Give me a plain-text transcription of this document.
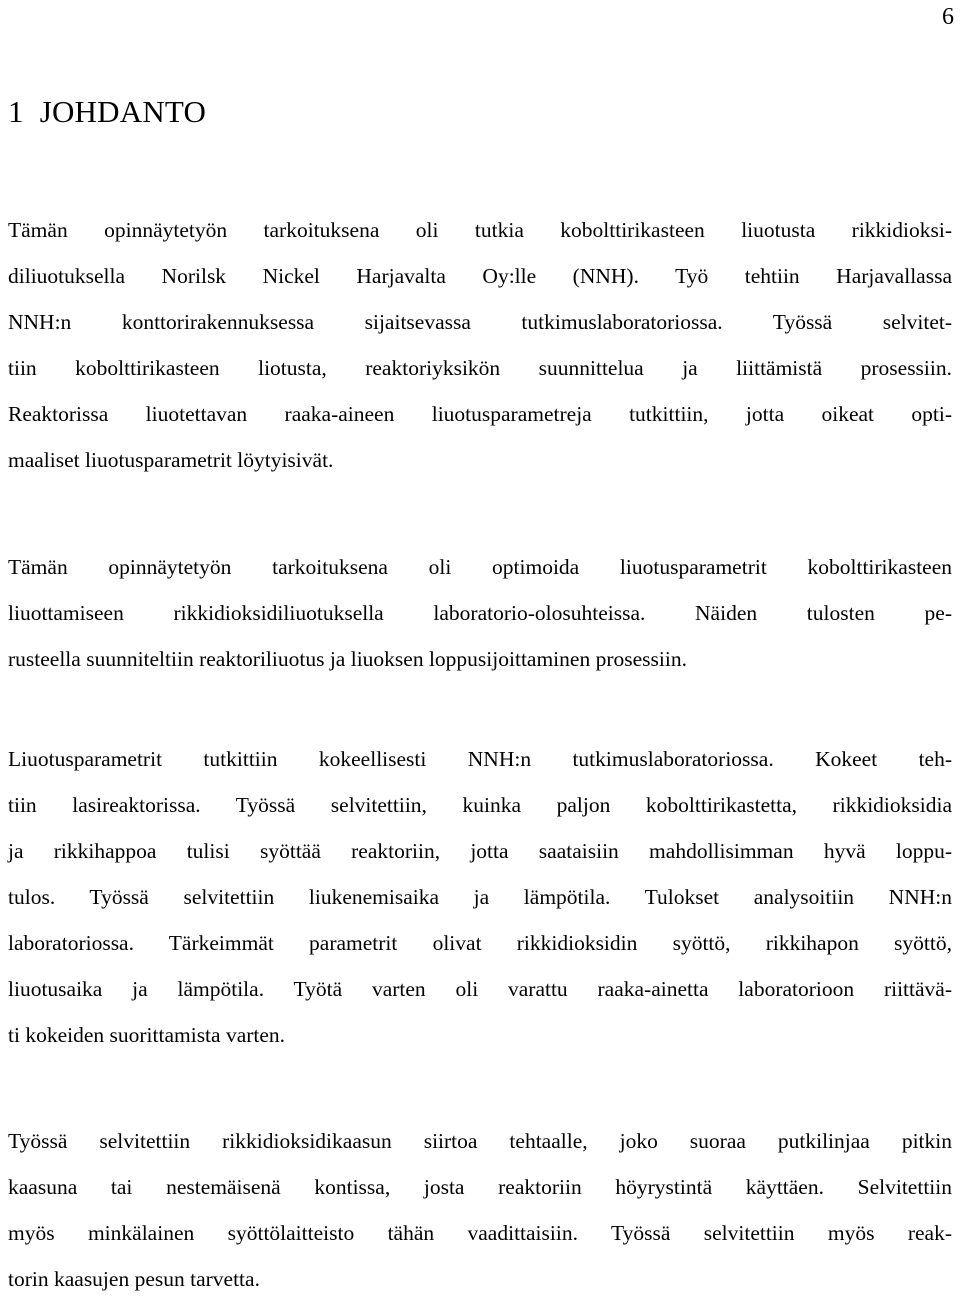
6
1 JOHDANTO
Tämän opinnäytetyön tarkoituksena oli tutkia kobolttirikasteen liuotusta rikkidioksi-
diliuotuksella Norilsk Nickel Harjavalta Oy:lle (NNH). Työ tehtiin Harjavallassa
NNH:n konttorirakennuksessa sijaitsevassa tutkimuslaboratoriossa. Työssä selvitet-
tiin kobolttirikasteen liotusta, reaktoriyksikön suunnittelua ja liittämistä prosessiin.
Reaktorissa liuotettavan raaka-aineen liuotusparametreja tutkittiin, jotta oikeat opti-
maaliset liuotusparametrit löytyisivät.
Tämän opinnäytetyön tarkoituksena oli optimoida liuotusparametrit kobolttirikasteen
liuottamiseen rikkidioksidiliuotuksella laboratorio-olosuhteissa. Näiden tulosten pe-
rusteella suunniteltiin reaktoriliuotus ja liuoksen loppusijoittaminen prosessiin.
Liuotusparametrit tutkittiin kokeellisesti NNH:n tutkimuslaboratoriossa. Kokeet teh-
tiin lasireaktorissa. Työssä selvitettiin, kuinka paljon kobolttirikastetta, rikkidioksidia
ja rikkihappoa tulisi syöttää reaktoriin, jotta saataisiin mahdollisimman hyvä loppu-
tulos. Työssä selvitettiin liukenemisaika ja lämpötila. Tulokset analysoitiin NNH:n
laboratoriossa. Tärkeimmät parametrit olivat rikkidioksidin syöttö, rikkihapon syöttö,
liuotusaika ja lämpötila. Työtä varten oli varattu raaka-ainetta laboratorioon riittävä-
ti kokeiden suorittamista varten.
Työssä selvitettiin rikkidioksidikaasun siirtoa tehtaalle, joko suoraa putkilinjaa pitkin
kaasuna tai nestemäisenä kontissa, josta reaktoriin höyrystintä käyttäen. Selvitettiin
myös minkälainen syöttölaitteisto tähän vaadittaisiin. Työssä selvitettiin myös reak-
torin kaasujen pesun tarvetta.
